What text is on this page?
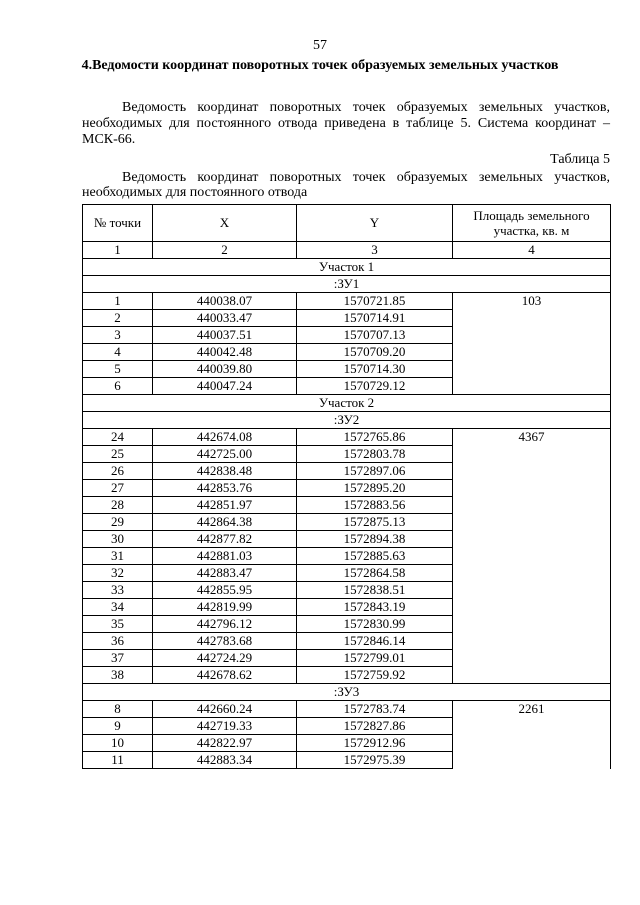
57
4.Ведомости координат поворотных точек образуемых земельных участков
Ведомость координат поворотных точек образуемых земельных участков, необходимых для постоянного отвода приведена в таблице 5. Система координат – МСК-66.
Таблица 5
Ведомость координат поворотных точек образуемых земельных участков, необходимых для постоянного отвода
№ точки	X	Y	Площадь земельного участка, кв. м
1	2	3	4
Участок 1			
:ЗУ1			
1	440038.07	1570721.85	103
2	440033.47	1570714.91	
3	440037.51	1570707.13	
4	440042.48	1570709.20	
5	440039.80	1570714.30	
6	440047.24	1570729.12	
Участок 2			
:ЗУ2			
24	442674.08	1572765.86	4367
25	442725.00	1572803.78	
26	442838.48	1572897.06	
27	442853.76	1572895.20	
28	442851.97	1572883.56	
29	442864.38	1572875.13	
30	442877.82	1572894.38	
31	442881.03	1572885.63	
32	442883.47	1572864.58	
33	442855.95	1572838.51	
34	442819.99	1572843.19	
35	442796.12	1572830.99	
36	442783.68	1572846.14	
37	442724.29	1572799.01	
38	442678.62	1572759.92	
:ЗУ3			
8	442660.24	1572783.74	2261
9	442719.33	1572827.86	
10	442822.97	1572912.96	
11	442883.34	1572975.39	
